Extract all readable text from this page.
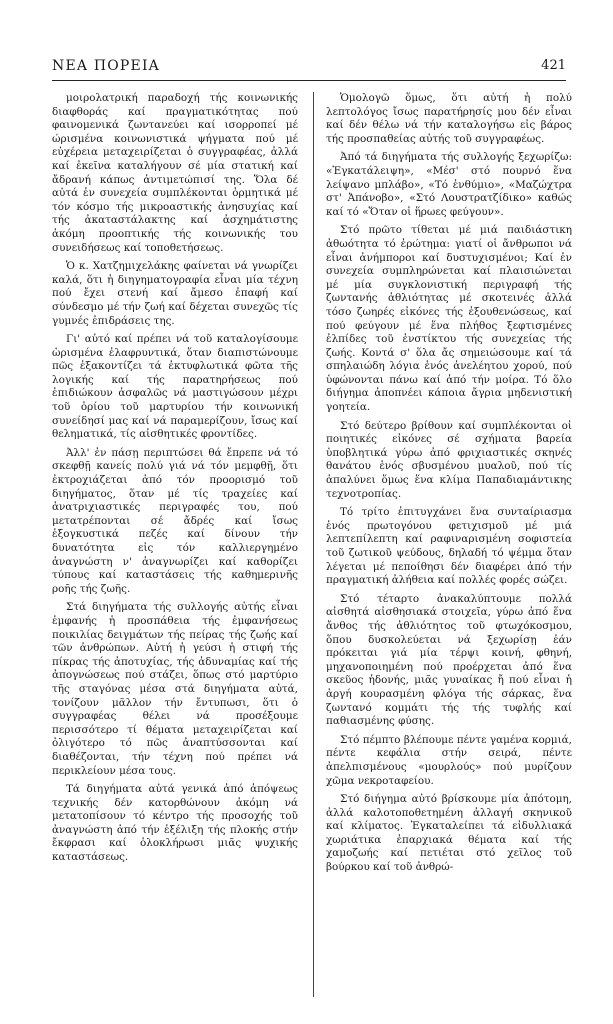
ΝΕΑ ΠΟΡΕΙΑ	421

μοιρολατρική παραδοχή τής κοινωνικής διαφθοράς καί πραγματικότητας πού φαινομενικά ζωντανεύει καί ισορροπεί μέ ώρισμένα κοινωνιστικά ψήγματα πού μέ εὐχέρεια μεταχειρίζεται ὁ συγγραφέας, ἀλλά καί ἐκεῖνα καταλήγουν σέ μία στατική καί ἄδρανή κάπως ἀντιμετώπισί της. Ὅλα δέ αὐτά ἐν συνεχεία συμπλέκονται ὁρμητικά μέ τόν κόσμο τής μικροαστικής ἀνησυχίας καί τής ἀκαταστάλακτης καί ἀσχημάτιστης ἀκόμη προοπτικής τής κοινωνικής του συνειδήσεως καί τοποθετήσεως.

Ὁ κ. Χατζημιχελάκης φαίνεται νά γνωρίζει καλά, ὅτι ἡ διηγηματογραφία εἶναι μία τέχνη πού ἔχει στενή καί ἄμεσο ἐπαφή καί σύνδεσμο μέ τήν ζωή καί δέχεται συνεχῶς τίς γυμνές ἐπιδράσεις της.

Γι' αὐτό καί πρέπει νά τοῦ καταλογίσουμε ὡρισμένα ἐλαφρυντικά, ὅταν διαπιστώνουμε πῶς ἐξακοντίζει τά ἐκτυφλωτικά φῶτα τῆς λογικής καί τής παρατηρήσεως πού ἐπιδιώκουν ἀσφαλῶς νά μαστιγώσουν μέχρι τοῦ ὁρίου τοῦ μαρτυρίου τήν κοινωνική συνείδησί μας καί νά παραμερίζουν, ἴσως καί θεληματικά, τίς αἰσθητικές φροντίδες.

Ἀλλ' ἐν πάσῃ περιπτώσει θά ἔπρεπε νά τό σκεφθῇ κανείς πολύ γιά νά τόν μεμφθῇ, ὅτι ἐκτροχιάζεται ἀπό τόν προορισμό τοῦ διηγήματος, ὅταν μέ τίς τραχείες καί ἀνατριχιαστικές περιγραφές του, πού μετατρέπονται σέ ἄδρές καί ἴσως ἐξογκυστικά πεζές καί δίνουν τήν δυνατότητα εἰς τόν καλλιεργημένο ἀναγνώστη ν' ἀναγνωρίζει καί καθορίζει τύπους καί καταστάσεις τής καθημερινῆς ροῆς τής ζωῆς.

Στά διηγήματα τής συλλογής αὐτής εἶναι ἐμφανής ἡ προσπάθεια τής ἐμφανήσεως ποικιλίας δειγμάτων τής πείρας τής ζωής καί τῶν ἀνθρώπων. Αὐτή ἡ γεύσι ἡ στιφή τής πίκρας τής ἀποτυχίας, τής ἀδυναμίας καί τής ἀπογνώσεως πού στάζει, ὅπως στό μαρτύριο τῆς σταγόνας μέσα στά διηγήματα αὐτά, τονίζουν μᾶλλον τήν ἔντυπωσι, ὅτι ὁ συγγραφέας θέλει νά προσέξουμε περισσότερο τί θέματα μεταχειρίζεται καί ὀλιγότερο τό πῶς ἀναπτύσσονται καί διαθέζονται, τήν τέχνη πού πρέπει νά περικλείουν μέσα τους.

Τά διηγήματα αὐτά γενικά ἀπό ἀπόψεως τεχνικής δέν κατορθώνουν ἀκόμη νά μετατοπίσουν τό κέντρο τής προσοχής τοῦ ἀναγνώστη ἀπό τήν ἐξέλιξη τής πλοκής στήν ἔκφρασι καί ὁλοκλήρωσι μιᾶς ψυχικής καταστάσεως.

Ὁμολογῶ ὅμως, ὅτι αὐτή ἡ πολύ λεπτολόγος ἴσως παρατήρησίς μου δέν εἶναι καί δέν θέλω νά τήν καταλογήσω εἰς βάρος τής προσπαθείας αὐτής τοῦ συγγραφέως.

Ἀπό τά διηγήματα τής συλλογής ξεχωρίζω: «Ἐγκατάλειψη», «Μέσ' στό πουρνό ἕνα λείψανο μπλάβο», «Τό ἐνθύμιο», «Μαζώχτρα στ' Ἀπάνοβο», «Στό Λουστρατζίδικο» καθώς καί τό «Ὅταν οἱ ἥρωες φεύγουν».

Στό πρῶτο τίθεται μέ μιά παιδιάστικη ἀθωότητα τό ἐρώτημα: γιατί οἱ ἄνθρωποι νά εἶναι ἀνήμποροι καί δυστυχισμένοι; Καί ἐν συνεχεία συμπληρώνεται καί πλαισιώνεται μέ μία συγκλονιστική περιγραφή τής ζωντανής ἀθλιότητας μέ σκοτεινές ἀλλά τόσο ζωηρές εἰκόνες τής ἐξουθενώσεως, καί πού φεύγουν μέ ἕνα πλήθος ξεφτισμένες ἐλπίδες τοῦ ἐνστίκτου τής συνεχείας τής ζωής. Κοντά σ' ὅλα ἄς σημειώσουμε καί τά σπηλαιώδη λόγια ἑνός ἀνελέητου χορού, πού ὑφώνονται πάνω καί ἀπό τήν μοίρα. Τό ὅλο διήγημα ἀποπνέει κάποια ἄγρια μηδενιστική γοητεία.

Στό δεύτερο βρίθουν καί συμπλέκονται οἱ ποιητικές εἰκόνες σέ σχήματα βαρεία ὑποβλητικά γύρω ἀπό φριχιαστικές σκηνές θανάτου ἑνός σβυσμένου μυαλοῦ, πού τίς ἀπαλύνει ὅμως ἕνα κλίμα Παπαδιαμάντικης τεχνοτροπίας.

Τό τρίτο ἐπιτυγχάνει ἕνα συνταίριασμα ἑνός πρωτογόνου φετιχισμοῦ μέ μιά λεπτεπίλεπτη καί ραφιναρισμένη σοφιστεία τοῦ ζωτικοῦ ψεύδους, δηλαδή τό ψέμμα ὅταν λέγεται μέ πεποίθησι δέν διαφέρει ἀπό τήν πραγματική ἀλήθεια καί πολλές φορές σώζει.

Στό τέταρτο ἀνακαλύπτουμε πολλά αἰσθητά αἰσθησιακά στοιχεῖα, γύρω ἀπό ἕνα ἄνθος τής ἀθλιότητος τοῦ φτωχόκοσμου, ὅπου δυσκολεύεται νά ξεχωρίσῃ ἐάν πρόκειται γιά μία τέρψι κοινή, φθηνή, μηχανοποιημένη πού προέρχεται ἀπό ἕνα σκεῦος ἡδονής, μιᾶς γυναίκας ἤ πού εἶναι ἡ ἀργή κουρασμένη φλόγα τής σάρκας, ἕνα ζωντανό κομμάτι τής τής τυφλής καί παθιασμένης φύσης.

Στό πέμπτο βλέπουμε πέντε γαμένα κορμιά, πέντε κεφάλια στήν σειρά, πέντε ἀπελπισμένους «μουρλούς» πού μυρίζουν χῶμα νεκροταφείου.

Στό διήγημα αὐτό βρίσκουμε μία ἀπότομη, ἀλλά καλοτοποθετημένη ἀλλαγή σκηνικοῦ καί κλίματος. Ἐγκαταλείπει τά εἰδυλλιακά χωριάτικα ἐπαρχιακά θέματα καί τής χαμοζωής καί πετιέται στό χεῖλος τοῦ βούρκου καί τοῦ ἀνθρώ-
